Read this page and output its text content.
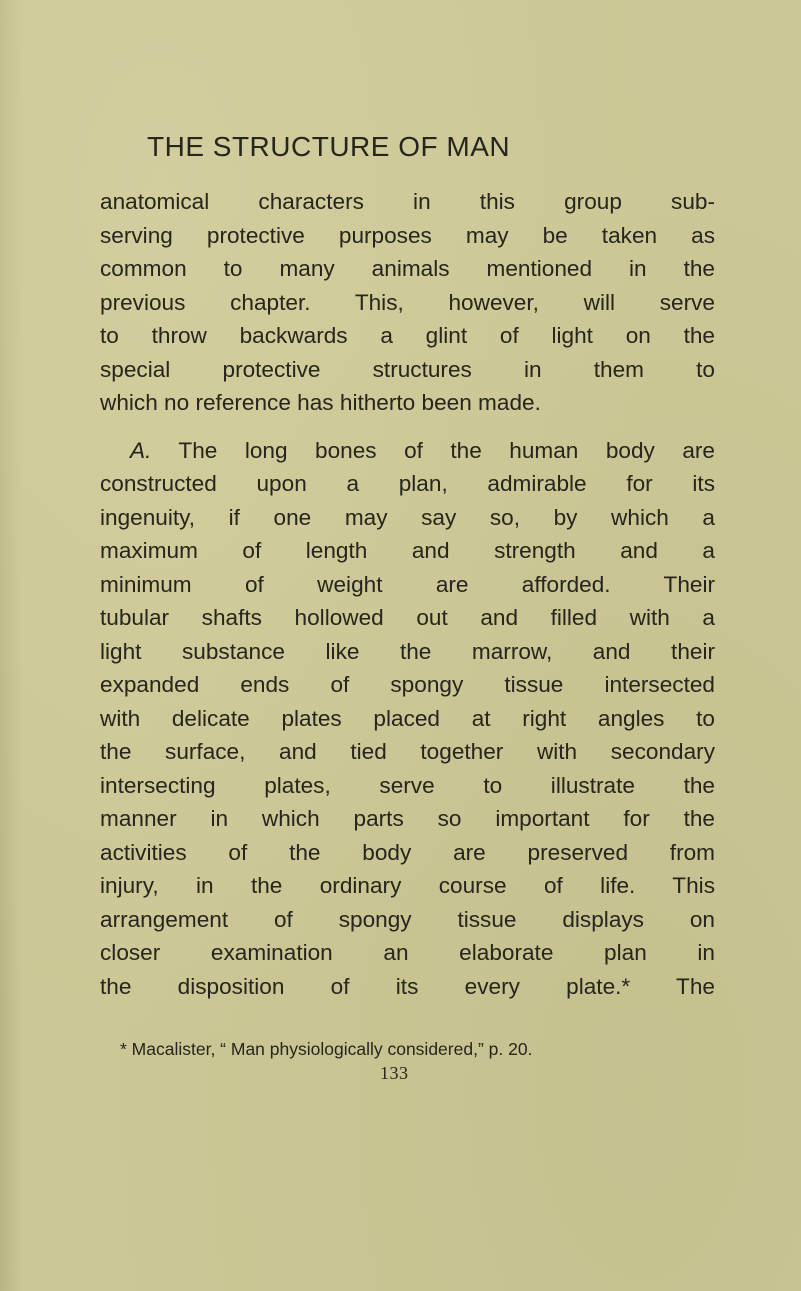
THE STRUCTURE OF MAN
anatomical characters in this group sub-
serving protective purposes may be taken as
common to many animals mentioned in the
previous chapter. This, however, will serve
to throw backwards a glint of light on the
special protective structures in them to
which no reference has hitherto been made.
A. The long bones of the human body are
constructed upon a plan, admirable for its
ingenuity, if one may say so, by which a
maximum of length and strength and a
minimum of weight are afforded. Their
tubular shafts hollowed out and filled with a
light substance like the marrow, and their
expanded ends of spongy tissue intersected
with delicate plates placed at right angles to
the surface, and tied together with secondary
intersecting plates, serve to illustrate the
manner in which parts so important for the
activities of the body are preserved from
injury, in the ordinary course of life. This
arrangement of spongy tissue displays on
closer examination an elaborate plan in
the disposition of its every plate.* The
* Macalister, “ Man physiologically considered,” p. 20.
133
